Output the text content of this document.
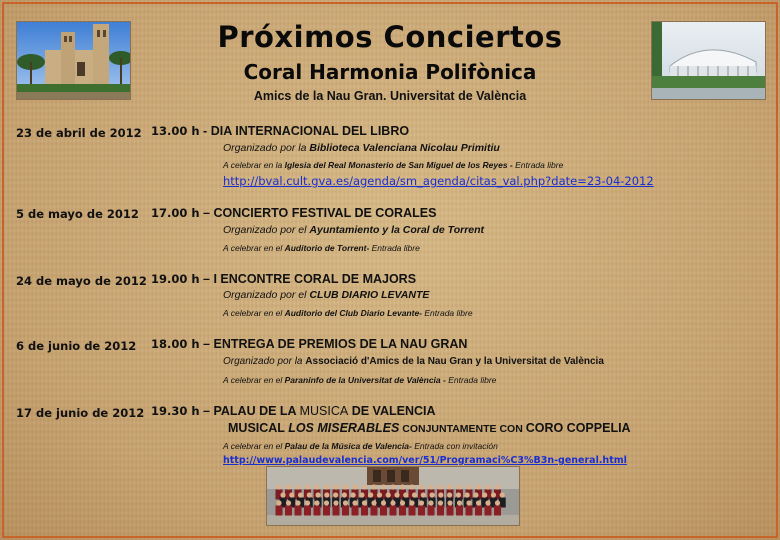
Próximos Conciertos
Coral Harmonia Polifònica
Amics de la Nau Gran. Universitat de València
23 de abril de 2012 13.00 h - DIA INTERNACIONAL DEL LIBRO
Organizado por la Biblioteca Valenciana Nicolau Primitiu
A celebrar en la Iglesia del Real Monasterio de San Miguel de los Reyes - Entrada libre
http://bval.cult.gva.es/agenda/sm_agenda/citas_val.php?date=23-04-2012
5 de mayo de 2012 17.00 h – CONCIERTO FESTIVAL DE CORALES
Organizado por el Ayuntamiento y la Coral de Torrent
A celebrar en el Auditorio de Torrent- Entrada libre
24 de mayo de 2012 19.00 h – I ENCONTRE CORAL DE MAJORS
Organizado por el CLUB DIARIO LEVANTE
A celebrar en el Auditorio del Club Diario Levante- Entrada libre
6 de junio de 2012 18.00 h – ENTREGA DE PREMIOS DE LA NAU GRAN
Organizado por la Associació d'Amics de la Nau Gran y la Universitat de València
A celebrar en el Paraninfo de la Universitat de València - Entrada libre
17 de junio de 2012 19.30 h – PALAU DE LA MUSICA DE VALENCIA
MUSICAL LOS MISERABLES CONJUNTAMENTE CON CORO COPPELIA
A celebrar en el Palau de la Música de Valencia- Entrada con invitación
http://www.palaudevalencia.com/ver/51/Programaci%C3%B3n-general.html
